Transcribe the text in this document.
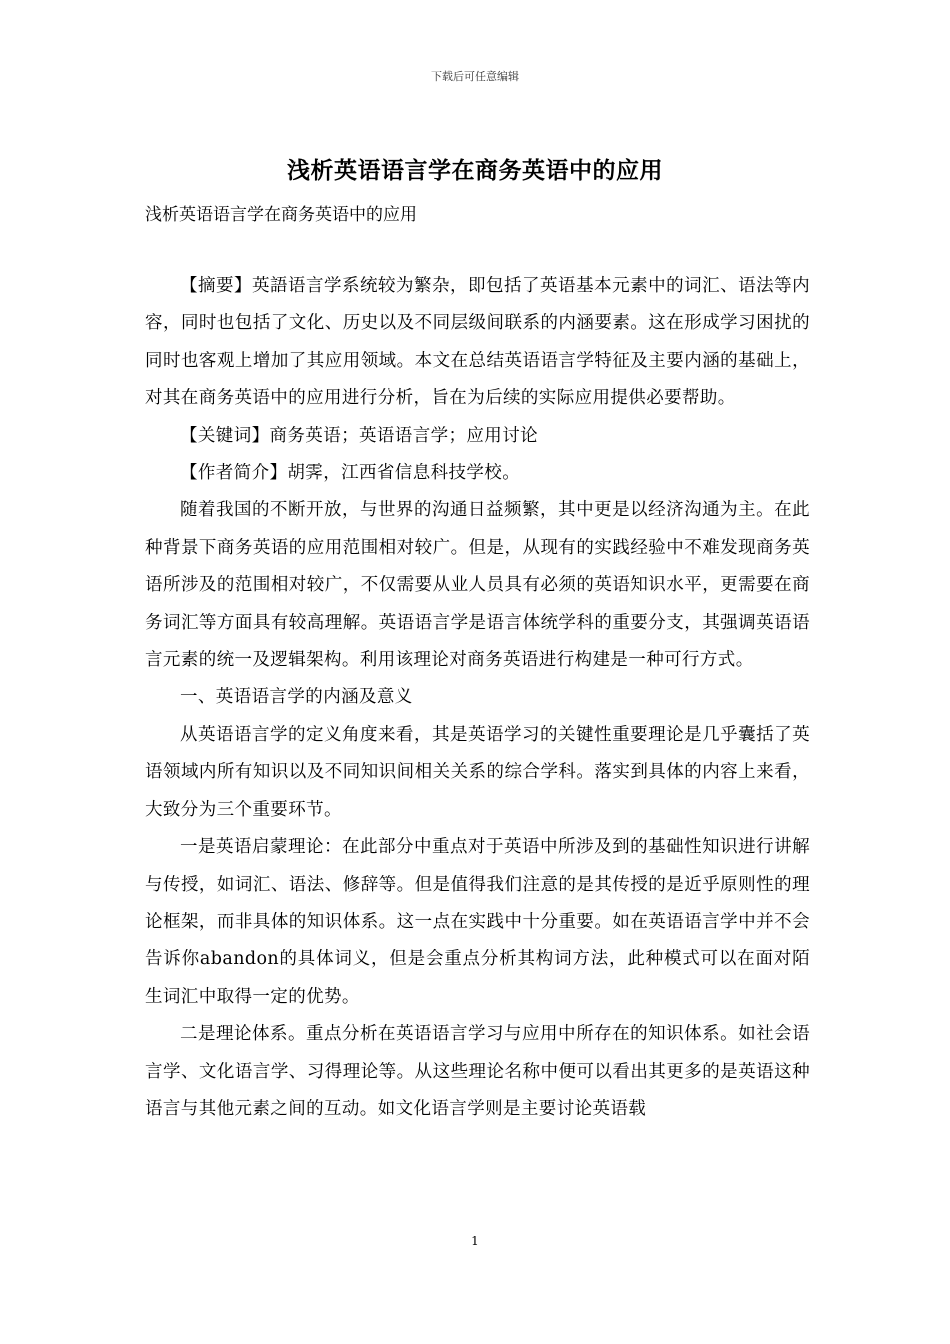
下载后可任意编辑
浅析英语语言学在商务英语中的应用
浅析英语语言学在商务英语中的应用

【摘要】英語语言学系统较为繁杂，即包括了英语基本元素中的词汇、语法等内容，同时也包括了文化、历史以及不同层级间联系的内涵要素。这在形成学习困扰的同时也客观上增加了其应用领域。本文在总结英语语言学特征及主要内涵的基础上，对其在商务英语中的应用进行分析，旨在为后续的实际应用提供必要帮助。

【关键词】商务英语；英语语言学；应用讨论

【作者简介】胡霁，江西省信息科技学校。

随着我国的不断开放，与世界的沟通日益频繁，其中更是以经济沟通为主。在此种背景下商务英语的应用范围相对较广。但是，从现有的实践经验中不难发现商务英语所涉及的范围相对较广，不仅需要从业人员具有必须的英语知识水平，更需要在商务词汇等方面具有较高理解。英语语言学是语言体统学科的重要分支，其强调英语语言元素的统一及逻辑架构。利用该理论对商务英语进行构建是一种可行方式。

一、英语语言学的内涵及意义

从英语语言学的定义角度来看，其是英语学习的关键性重要理论是几乎囊括了英语领域内所有知识以及不同知识间相关关系的综合学科。落实到具体的内容上来看，大致分为三个重要环节。

一是英语启蒙理论：在此部分中重点对于英语中所涉及到的基础性知识进行讲解与传授，如词汇、语法、修辞等。但是值得我们注意的是其传授的是近乎原则性的理论框架，而非具体的知识体系。这一点在实践中十分重要。如在英语语言学中并不会告诉你abandon的具体词义，但是会重点分析其构词方法，此种模式可以在面对陌生词汇中取得一定的优势。

二是理论体系。重点分析在英语语言学习与应用中所存在的知识体系。如社会语言学、文化语言学、习得理论等。从这些理论名称中便可以看出其更多的是英语这种语言与其他元素之间的互动。如文化语言学则是主要讨论英语载

1
